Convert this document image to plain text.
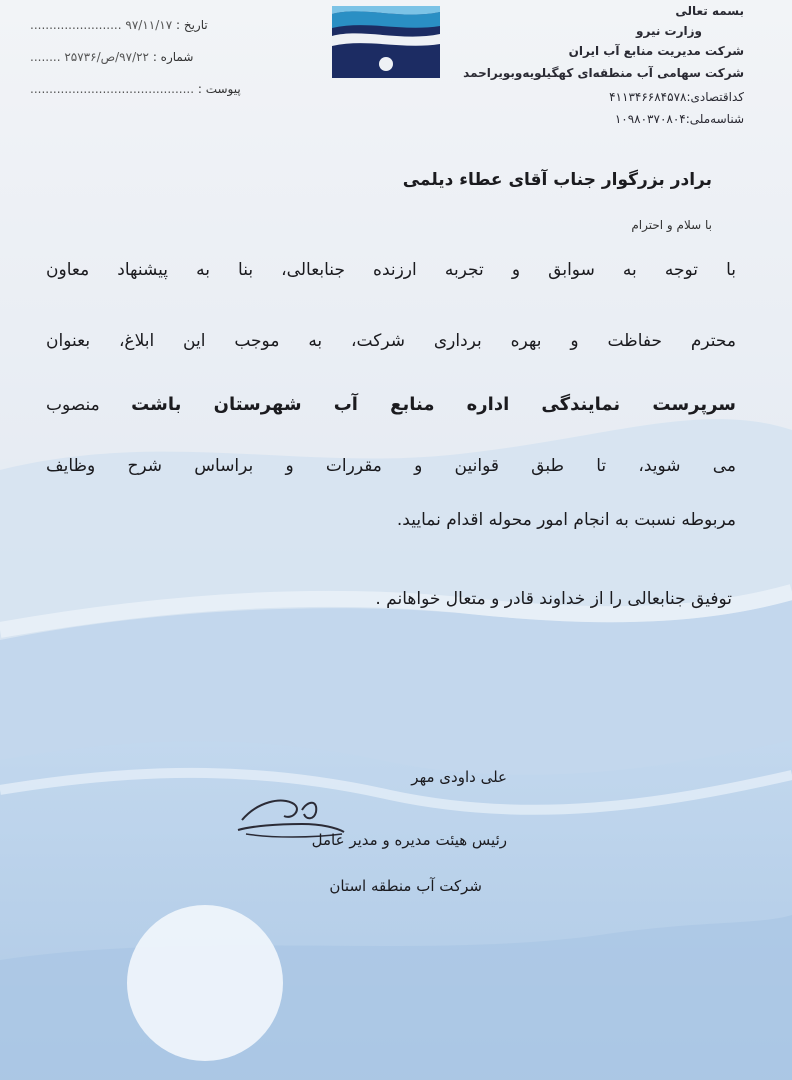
بسمه تعالی
وزارت نیرو
شرکت مدیریت منابع آب ایران
شرکت سهامی آب منطقه‌ای کهگیلویه‌وبویراحمد
کداقتصادی:۴۱۱۳۴۶۶۸۴۵۷۸
شناسه‌ملی:۱۰۹۸۰۳۷۰۸۰۴
تاریخ : ۹۷/۱۱/۱۷ ........................
شماره : ۹۷/۲۲/ص/۲۵۷۳۶ ........
پیوست : ...........................................
برادر بزرگوار جناب آقای عطاء دیلمی
با سلام و احترام
با توجه به سوابق و تجربه ارزنده جنابعالی، بنا به پیشنهاد معاون
محترم حفاظت و بهره برداری شرکت، به موجب این ابلاغ، بعنوان
سرپرست نمایندگی اداره منابع آب شهرستان باشت منصوب
می شوید، تا طبق قوانین و مقررات و براساس شرح وظایف
مربوطه نسبت به انجام امور محوله اقدام نمایید.
توفیق جنابعالی را از خداوند قادر و متعال خواهانم .
علی داودی مهر
رئیس هیئت مدیره و مدیر عامل
شرکت آب منطقه استان
